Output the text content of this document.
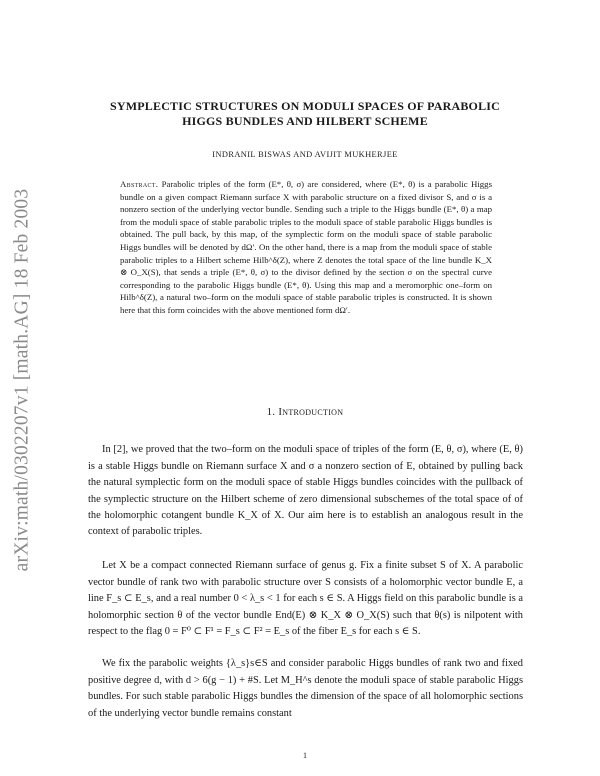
arXiv:math/0302207v1 [math.AG] 18 Feb 2003
SYMPLECTIC STRUCTURES ON MODULI SPACES OF PARABOLIC
HIGGS BUNDLES AND HILBERT SCHEME
INDRANIL BISWAS AND AVIJIT MUKHERJEE
Abstract. Parabolic triples of the form (E*, θ, σ) are considered, where (E*, θ) is a parabolic Higgs bundle on a given compact Riemann surface X with parabolic structure on a fixed divisor S, and σ is a nonzero section of the underlying vector bundle. Sending such a triple to the Higgs bundle (E*, θ) a map from the moduli space of stable parabolic triples to the moduli space of stable parabolic Higgs bundles is obtained. The pull back, by this map, of the symplectic form on the moduli space of stable parabolic Higgs bundles will be denoted by dΩ′. On the other hand, there is a map from the moduli space of stable parabolic triples to a Hilbert scheme Hilb^δ(Z), where Z denotes the total space of the line bundle K_X ⊗ O_X(S), that sends a triple (E*, θ, σ) to the divisor defined by the section σ on the spectral curve corresponding to the parabolic Higgs bundle (E*, θ). Using this map and a meromorphic one–form on Hilb^δ(Z), a natural two–form on the moduli space of stable parabolic triples is constructed. It is shown here that this form coincides with the above mentioned form dΩ′.
1. Introduction

In [2], we proved that the two–form on the moduli space of triples of the form (E, θ, σ), where (E, θ) is a stable Higgs bundle on Riemann surface X and σ a nonzero section of E, obtained by pulling back the natural symplectic form on the moduli space of stable Higgs bundles coincides with the pullback of the symplectic structure on the Hilbert scheme of zero dimensional subschemes of the total space of of the holomorphic cotangent bundle K_X of X. Our aim here is to establish an analogous result in the context of parabolic triples.

Let X be a compact connected Riemann surface of genus g. Fix a finite subset S of X. A parabolic vector bundle of rank two with parabolic structure over S consists of a holomorphic vector bundle E, a line F_s ⊂ E_s, and a real number 0 < λ_s < 1 for each s ∈ S. A Higgs field on this parabolic bundle is a holomorphic section θ of the vector bundle End(E) ⊗ K_X ⊗ O_X(S) such that θ(s) is nilpotent with respect to the flag 0 = F⁰ ⊂ F¹ = F_s ⊂ F² = E_s of the fiber E_s for each s ∈ S.

We fix the parabolic weights {λ_s}s∈S and consider parabolic Higgs bundles of rank two and fixed positive degree d, with d > 6(g − 1) + #S. Let M_H^s denote the moduli space of stable parabolic Higgs bundles. For such stable parabolic Higgs bundles the dimension of the space of all holomorphic sections of the underlying vector bundle remains constant

1
